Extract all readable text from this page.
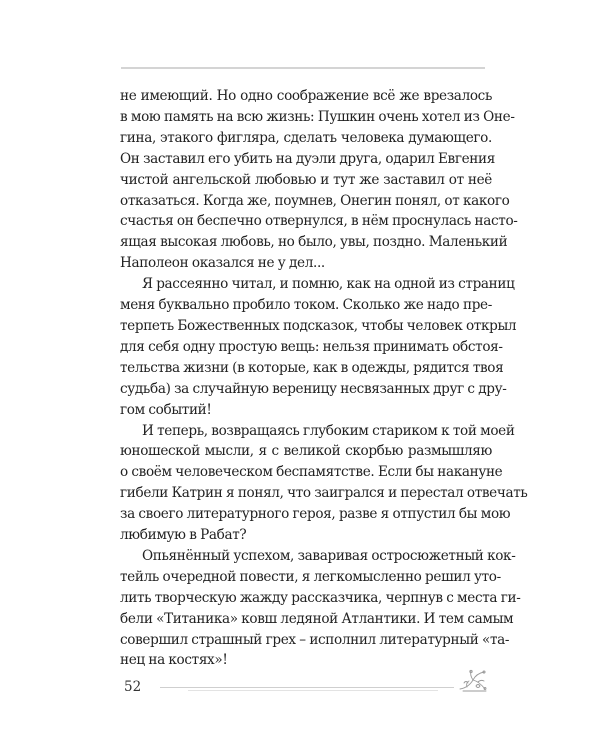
не имеющий. Но одно соображение всё же врезалось
в мою память на всю жизнь: Пушкин очень хотел из Оне-
гина, этакого фигляра, сделать человека думающего.
Он заставил его убить на дуэли друга, одарил Евгения
чистой ангельской любовью и тут же заставил от неё
отказаться. Когда же, поумнев, Онегин понял, от какого
счастья он беспечно отвернулся, в нём проснулась насто-
ящая высокая любовь, но было, увы, поздно. Маленький
Наполеон оказался не у дел...
Я рассеянно читал, и помню, как на одной из страниц
меня буквально пробило током. Сколько же надо пре-
терпеть Божественных подсказок, чтобы человек открыл
для себя одну простую вещь: нельзя принимать обстоя-
тельства жизни (в которые, как в одежды, рядится твоя
судьба) за случайную вереницу несвязанных друг с дру-
гом событий!
И теперь, возвращаясь глубоким стариком к той моей
юношеской мысли, я с великой скорбью размышляю
о своём человеческом беспамятстве. Если бы накануне
гибели Катрин я понял, что заигрался и перестал отвечать
за своего литературного героя, разве я отпустил бы мою
любимую в Рабат?
Опьянённый успехом, заваривая остросюжетный кок-
тейль очередной повести, я легкомысленно решил уто-
лить творческую жажду рассказчика, черпнув с места ги-
бели «Титаника» ковш ледяной Атлантики. И тем самым
совершил страшный грех – исполнил литературный «та-
нец на костях»!
52
